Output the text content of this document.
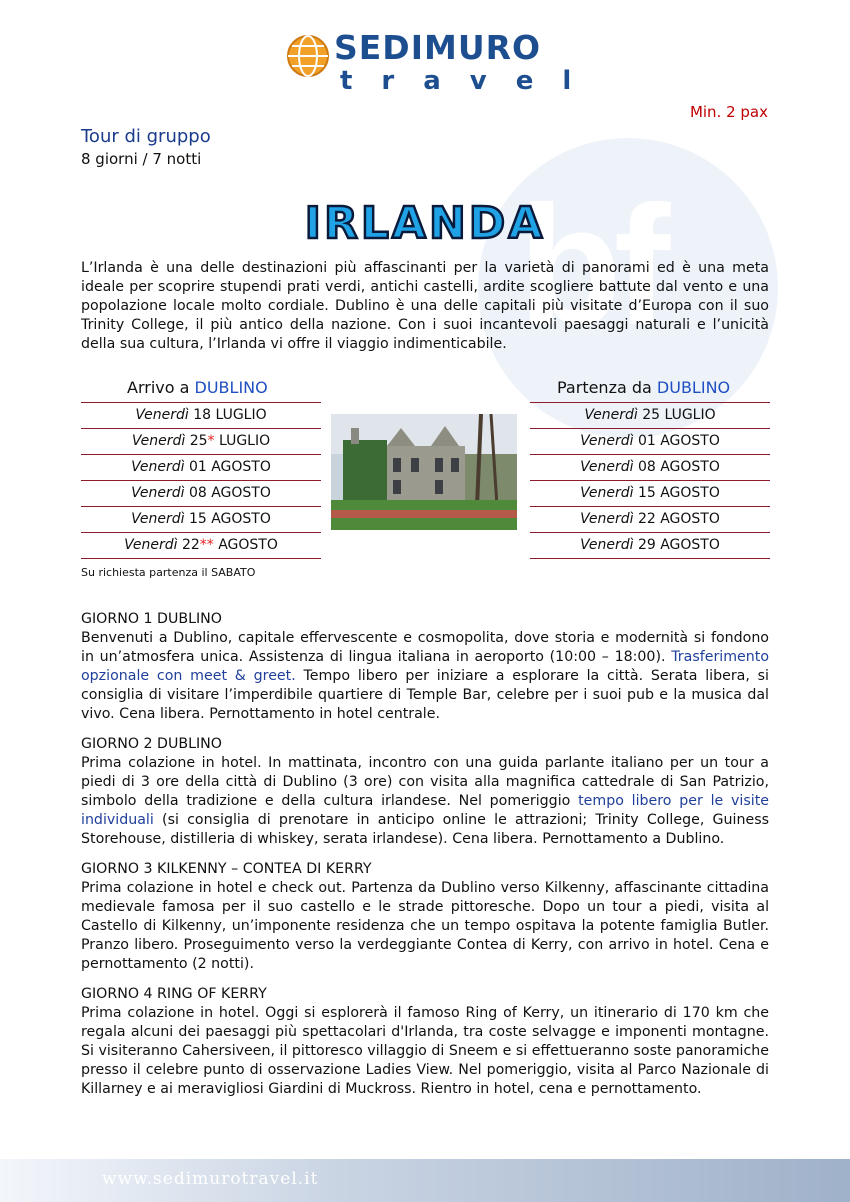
bf
SEDIMURO
travel
Min. 2 pax
Tour di gruppo
8 giorni / 7 notti
IRLANDA
L’Irlanda è una delle destinazioni più affascinanti per la varietà di panorami ed è una meta ideale per scoprire stupendi prati verdi, antichi castelli, ardite scogliere battute dal vento e una popolazione locale molto cordiale. Dublino è una delle capitali più visitate d’Europa con il suo Trinity College, il più antico della nazione. Con i suoi incantevoli paesaggi naturali e l’unicità della sua cultura, l’Irlanda vi offre il viaggio indimenticabile.
Arrivo a DUBLINO	Partenza da DUBLINO
Venerdì 18 LUGLIO
Venerdì 25* LUGLIO
Venerdì 01 AGOSTO
Venerdì 08 AGOSTO
Venerdì 15 AGOSTO
Venerdì 22** AGOSTO
Venerdì 25 LUGLIO
Venerdì 01 AGOSTO
Venerdì 08 AGOSTO
Venerdì 15 AGOSTO
Venerdì 22 AGOSTO
Venerdì 29 AGOSTO
Su richiesta partenza il SABATO
GIORNO 1 DUBLINO

Benvenuti a Dublino, capitale effervescente e cosmopolita, dove storia e modernità si fondono in un’atmosfera unica. Assistenza di lingua italiana in aeroporto (10:00 – 18:00). Trasferimento opzionale con meet & greet. Tempo libero per iniziare a esplorare la città. Serata libera, si consiglia di visitare l’imperdibile quartiere di Temple Bar, celebre per i suoi pub e la musica dal vivo. Cena libera. Pernottamento in hotel centrale.

GIORNO 2 DUBLINO

Prima colazione in hotel. In mattinata, incontro con una guida parlante italiano per un tour a piedi di 3 ore della città di Dublino (3 ore) con visita alla magnifica cattedrale di San Patrizio, simbolo della tradizione e della cultura irlandese. Nel pomeriggio tempo libero per le visite individuali (si consiglia di prenotare in anticipo online le attrazioni; Trinity College, Guiness Storehouse, distilleria di whiskey, serata irlandese). Cena libera. Pernottamento a Dublino.

GIORNO 3 KILKENNY – CONTEA DI KERRY

Prima colazione in hotel e check out. Partenza da Dublino verso Kilkenny, affascinante cittadina medievale famosa per il suo castello e le strade pittoresche. Dopo un tour a piedi, visita al Castello di Kilkenny, un’imponente residenza che un tempo ospitava la potente famiglia Butler. Pranzo libero. Proseguimento verso la verdeggiante Contea di Kerry, con arrivo in hotel. Cena e pernottamento (2 notti).

GIORNO 4 RING OF KERRY

Prima colazione in hotel. Oggi si esplorerà il famoso Ring of Kerry, un itinerario di 170 km che regala alcuni dei paesaggi più spettacolari d'Irlanda, tra coste selvagge e imponenti montagne. Si visiteranno Cahersiveen, il pittoresco villaggio di Sneem e si effettueranno soste panoramiche presso il celebre punto di osservazione Ladies View. Nel pomeriggio, visita al Parco Nazionale di Killarney e ai meravigliosi Giardini di Muckross. Rientro in hotel, cena e pernottamento.

www.sedimurotravel.it
